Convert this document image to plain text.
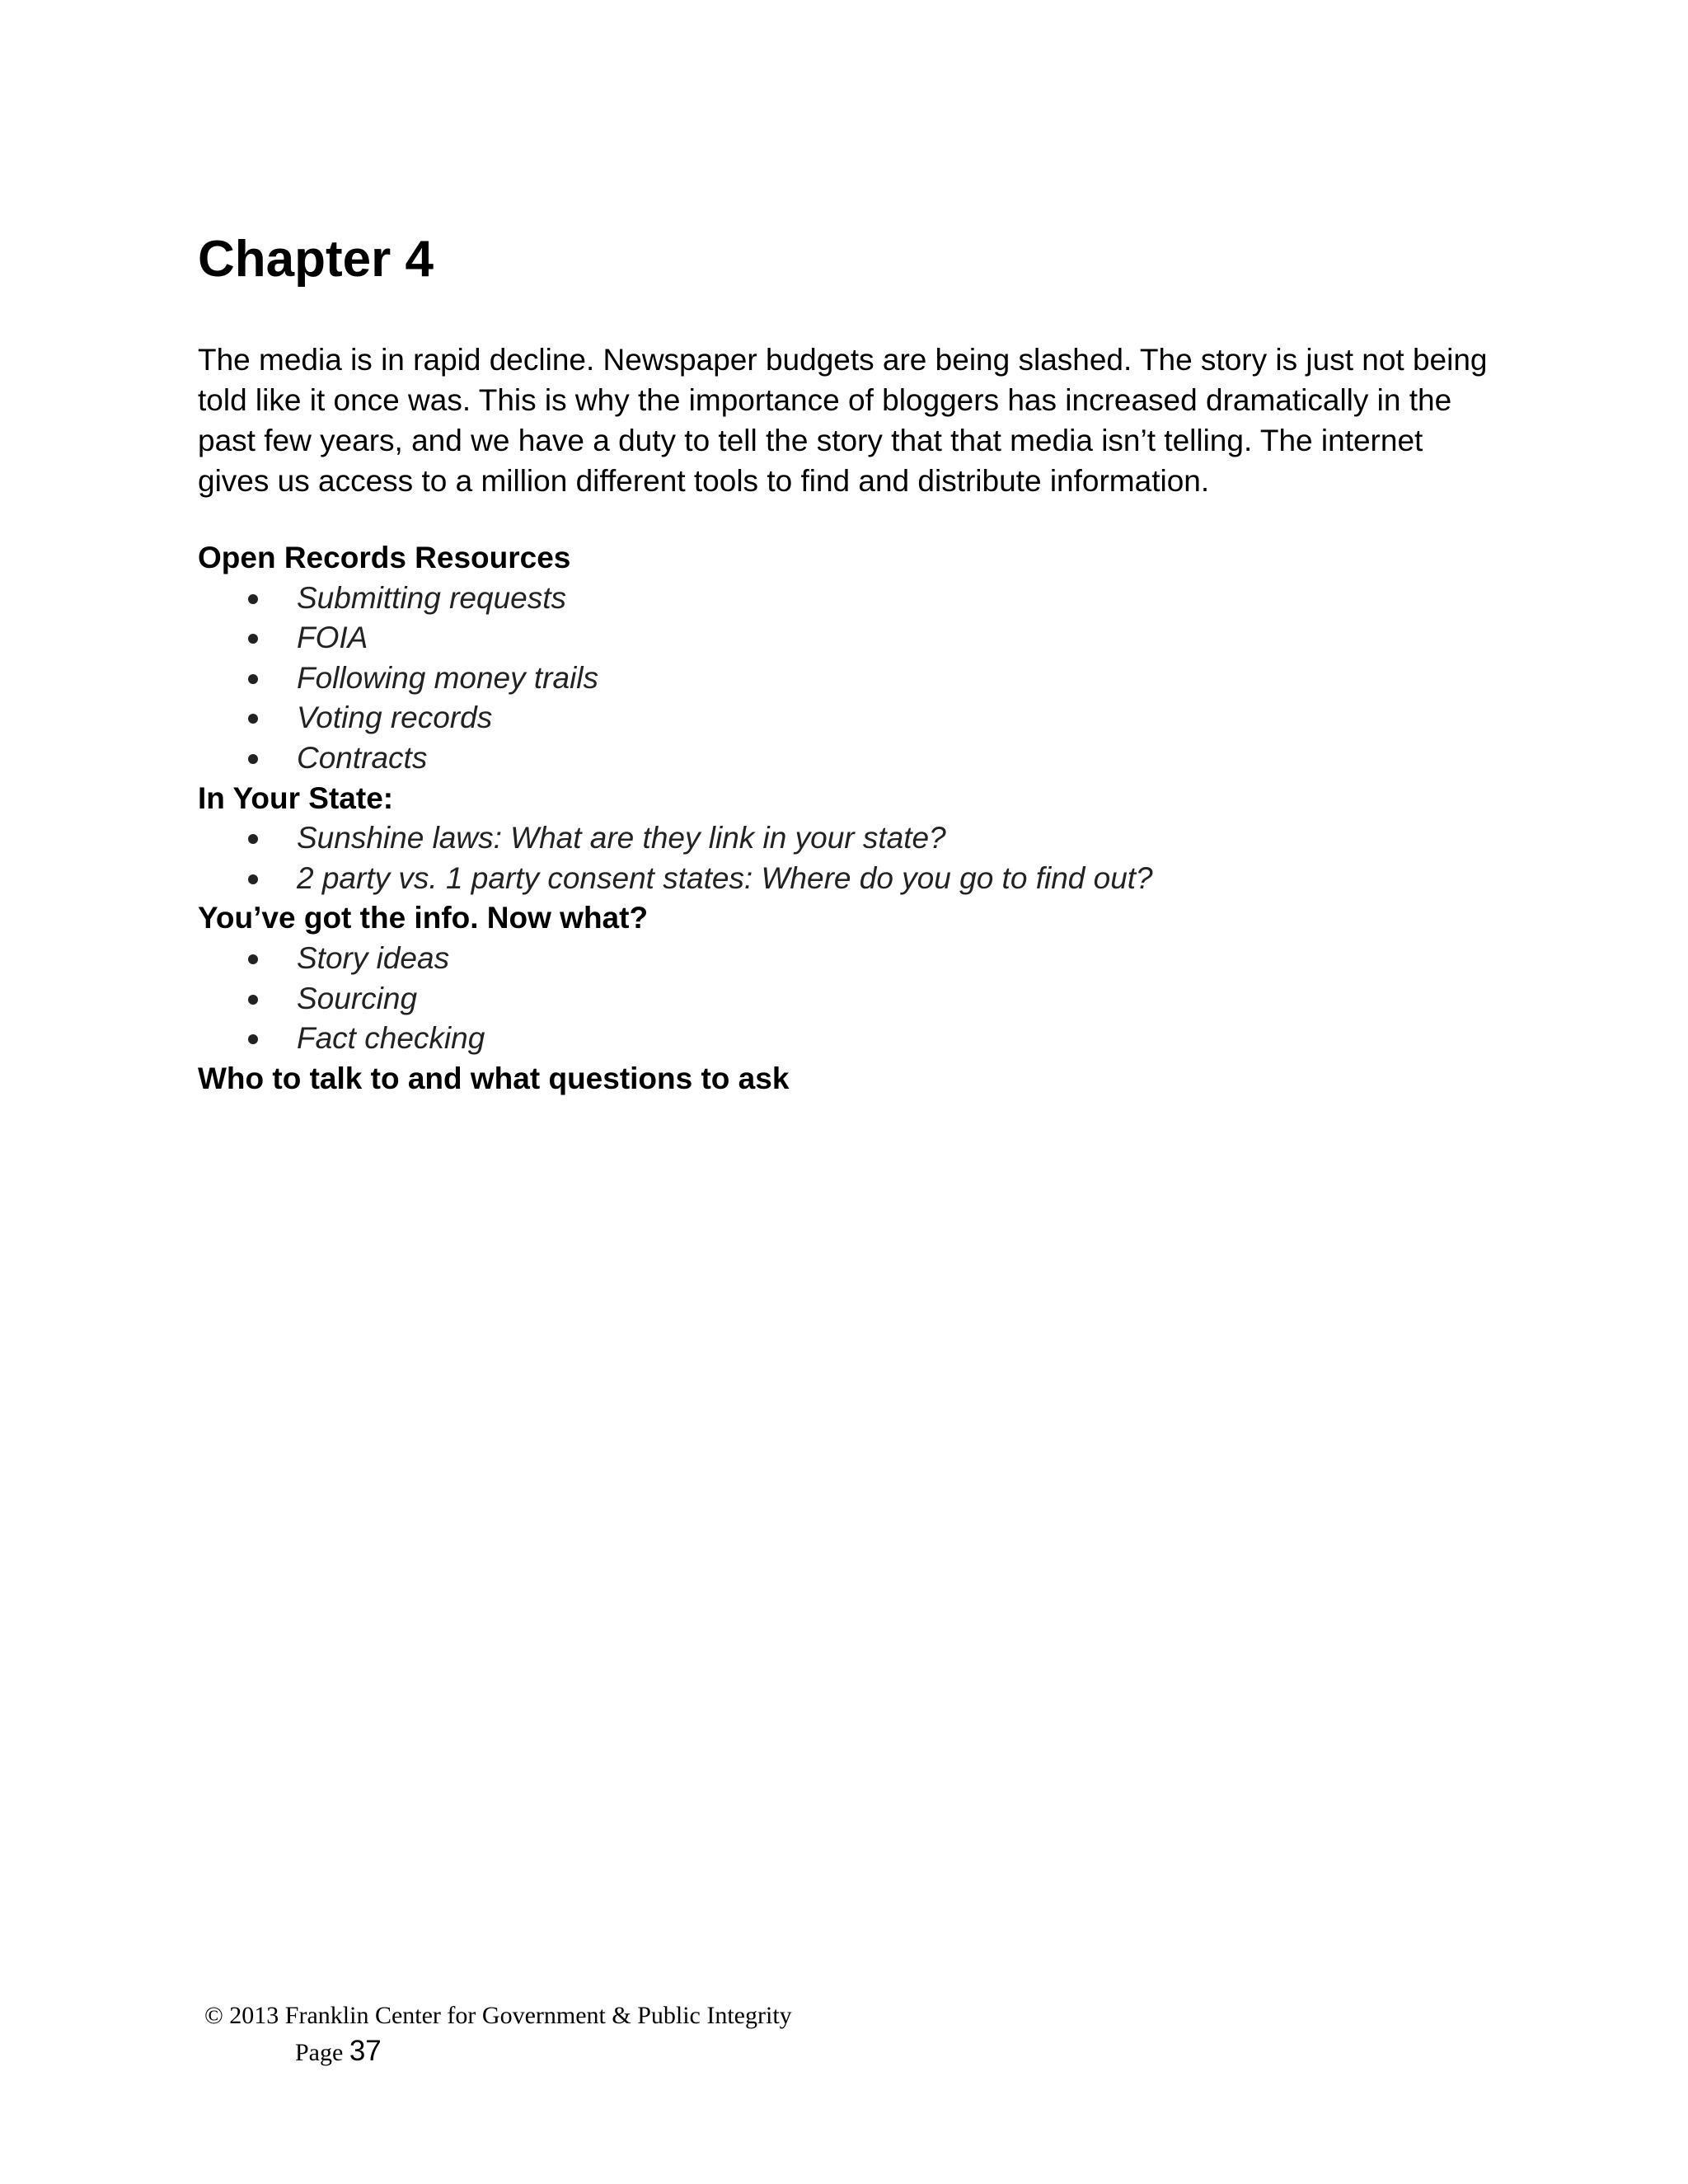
Chapter 4

The media is in rapid decline. Newspaper budgets are being slashed. The story is just not being
told like it once was. This is why the importance of bloggers has increased dramatically in the
past few years, and we have a duty to tell the story that that media isn’t telling. The internet
gives us access to a million different tools to find and distribute information.

Open Records Resources
Submitting requests
FOIA
Following money trails
Voting records
Contracts
In Your State:
Sunshine laws: What are they link in your state?
2 party vs. 1 party consent states: Where do you go to find out?
You’ve got the info. Now what?
Story ideas
Sourcing
Fact checking
Who to talk to and what questions to ask
© 2013 Franklin Center for Government & Public Integrity
Page 37
